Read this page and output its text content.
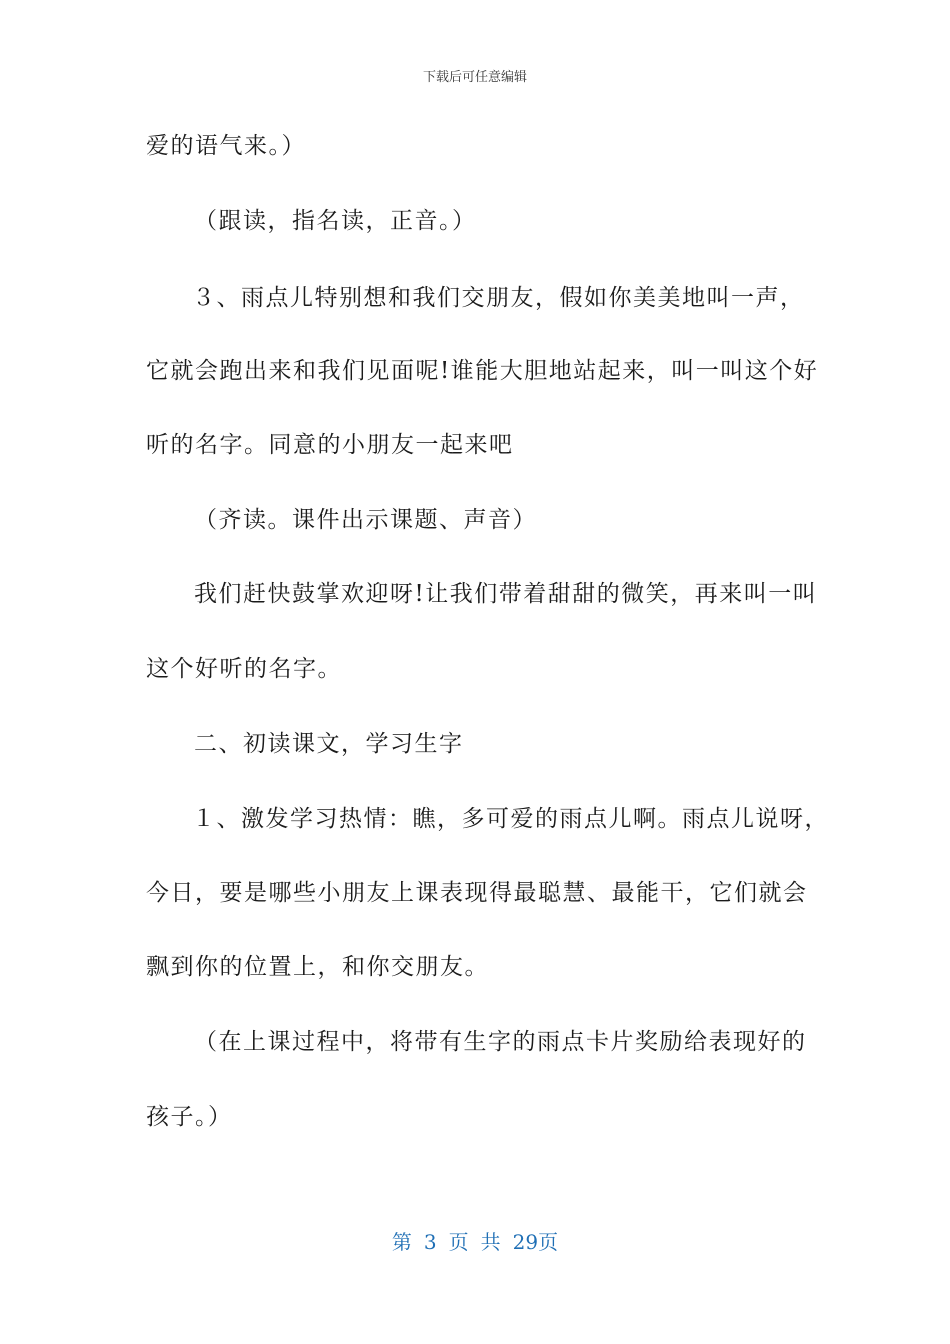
下载后可任意编辑
爱的语气来。）
（跟读，指名读，正音。）
３、雨点儿特别想和我们交朋友，假如你美美地叫一声，
它就会跑出来和我们见面呢!谁能大胆地站起来，叫一叫这个好
听的名字。同意的小朋友一起来吧
（齐读。课件出示课题、声音）
我们赶快鼓掌欢迎呀!让我们带着甜甜的微笑，再来叫一叫
这个好听的名字。
二、初读课文，学习生字
１、激发学习热情：瞧，多可爱的雨点儿啊。雨点儿说呀，
今日，要是哪些小朋友上课表现得最聪慧、最能干，它们就会
飘到你的位置上，和你交朋友。
（在上课过程中，将带有生字的雨点卡片奖励给表现好的
孩子。）
第 3 页 共 29页
